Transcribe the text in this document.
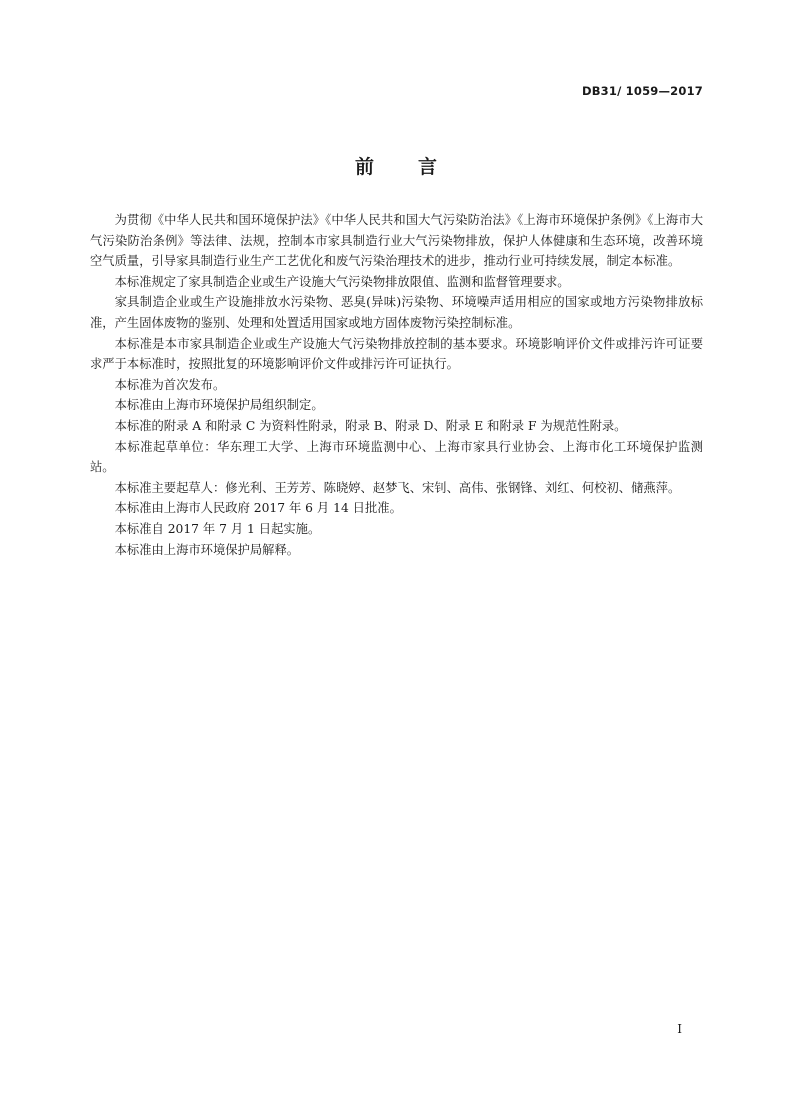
DB31/ 1059—2017
前 言

为贯彻《中华人民共和国环境保护法》《中华人民共和国大气污染防治法》《上海市环境保护条例》《上海市大气污染防治条例》等法律、法规，控制本市家具制造行业大气污染物排放，保护人体健康和生态环境，改善环境空气质量，引导家具制造行业生产工艺优化和废气污染治理技术的进步，推动行业可持续发展，制定本标准。

本标准规定了家具制造企业或生产设施大气污染物排放限值、监测和监督管理要求。

家具制造企业或生产设施排放水污染物、恶臭(异味)污染物、环境噪声适用相应的国家或地方污染物排放标准，产生固体废物的鉴别、处理和处置适用国家或地方固体废物污染控制标准。

本标准是本市家具制造企业或生产设施大气污染物排放控制的基本要求。环境影响评价文件或排污许可证要求严于本标准时，按照批复的环境影响评价文件或排污许可证执行。

本标准为首次发布。

本标准由上海市环境保护局组织制定。

本标准的附录 A 和附录 C 为资料性附录，附录 B、附录 D、附录 E 和附录 F 为规范性附录。

本标准起草单位：华东理工大学、上海市环境监测中心、上海市家具行业协会、上海市化工环境保护监测站。

本标准主要起草人：修光利、王芳芳、陈晓婷、赵梦飞、宋钊、高伟、张钢锋、刘红、何校初、储燕萍。

本标准由上海市人民政府 2017 年 6 月 14 日批准。

本标准自 2017 年 7 月 1 日起实施。

本标准由上海市环境保护局解释。

I
